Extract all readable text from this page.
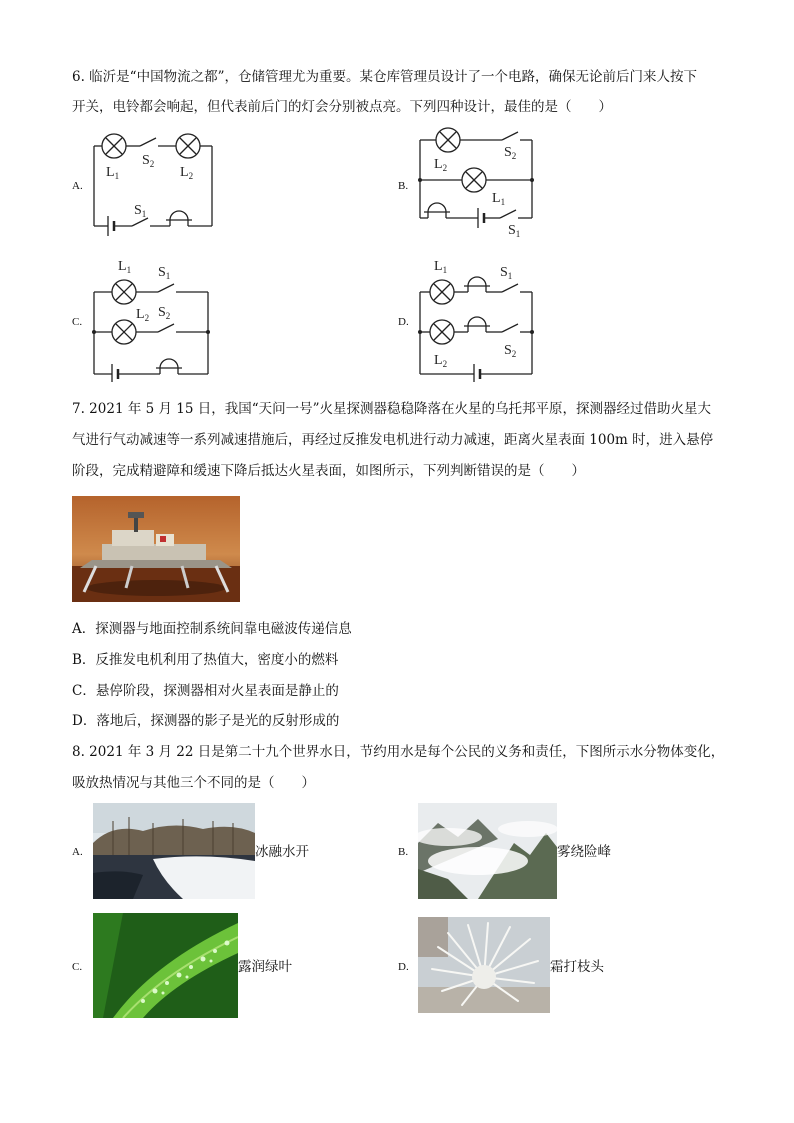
6. 临沂是“中国物流之都”，仓储管理尤为重要。某仓库管理员设计了一个电路，确保无论前后门来人按下
开关，电铃都会响起，但代表前后门的灯会分别被点亮。下列四种设计，最佳的是（　　）
A.
$L_1$
$S_2$
$L_2$
$S_1$
B.
$L_2$
$S_2$
$L_1$
$S_1$
C.
$L_1$ $S_1$
$L_2$ $S_2$	D.
$L_1$	$S_1$
$L_2$
$S_2$
7. 2021 年 5 月 15 日，我国“天问一号”火星探测器稳稳降落在火星的乌托邦平原，探测器经过借助火星大
气进行气动减速等一系列减速措施后，再经过反推发电机进行动力减速，距离火星表面 100m 时，进入悬停
阶段，完成精避障和缓速下降后抵达火星表面，如图所示，下列判断错误的是（　　）
A．探测器与地面控制系统间靠电磁波传递信息
B．反推发电机利用了热值大，密度小的燃料
C．悬停阶段，探测器相对火星表面是静止的
D．落地后，探测器的影子是光的反射形成的
8. 2021 年 3 月 22 日是第二十九个世界水日，节约用水是每个公民的义务和责任，下图所示水分物体变化，
吸放热情况与其他三个不同的是（　　）
A.	冰融水开	B.	雾绕险峰
C.	露润绿叶	D.	霜打枝头
